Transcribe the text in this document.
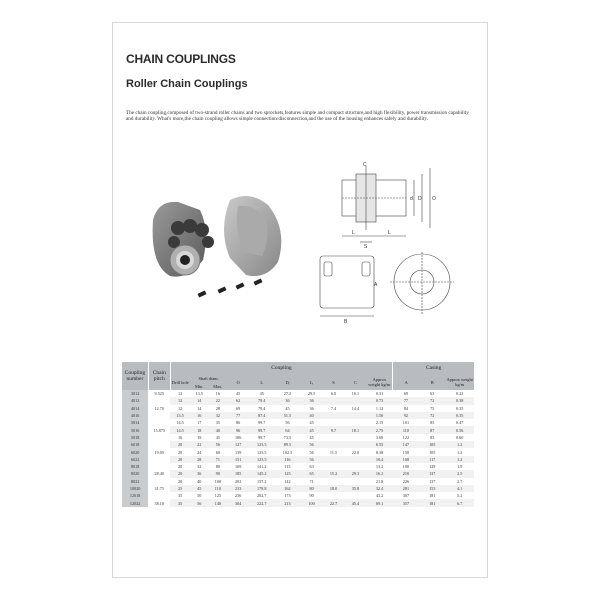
CHAIN COUPLINGS
Roller Chain Couplings
The chain coupling,composed of two-strand roller chains and two sprockets,features simple and compact structure,and high flexibility, power transmission capability and durability. What's more,the chain coupling allows simple connection/disconnection,and the use of the housing enhances safely and durability.
C
S
L	L
d D O
B
A
Coupling number	Chain pitch	Coupling										Casing		
		Drill hole	Shaft diam.		O	L	Dᵢ	Lᵢ	S	C	Approx weight kg/m	A	B	Approx weight kg/m
			Min.	Max.										
3012	9.525	12	13.5	16	45	45	27.2	29.5	6.0	10.1	0.31	69	63	0.22
4012		12	14	22	62	79.4	36	36			0.73	77	72	0.38
4014	12.70	12	14	28	69	79.4	45	36	7.4	14.4	1.12	84	75	0.35
4016		13.5	16	32	77	87.4	51.5	40			1.50	92	72	0.35
5014		14.5	17	35	86	99.7	56	45			2.15	101	85	0.47
5016	15.875	14.5	18	40	96	99.7	64	45	9.7	18.1	2.75	110	87	0.56
5018		16	19	45	106	99.7	73.5	45			3.60	122	85	0.60
6018		20	22	56	127	123.5	89.5	56			6.55	147	105	1.2
6020	19.05	20	24	60	139	123.5	102.5	56	11.5	22.0	8.38	158	105	1.2
6022		20	28	71	151	123.5	116	56			10.4	168	117	1.2
8018		20	32	80	169	141.2	115	63			13.2	190	129	1.9
8020	28.40	20	36	90	185	145.2	125	65	15.2	29.3	16.2	210	137	2.5
8022		20	40	100	202	157.2	142	71			21.8	226	137	2.7
10020	31.75	25	45	110	233	178.8	162	80	18.0	35.8	32.4	281	153	4.1
12018		35	50	125	256	202.7	173	90			43.2	307	181	5.2
12022	38.10	35	56	140	304	222.7	213	100	22.7	45.4	69.1	357	181	6.7
